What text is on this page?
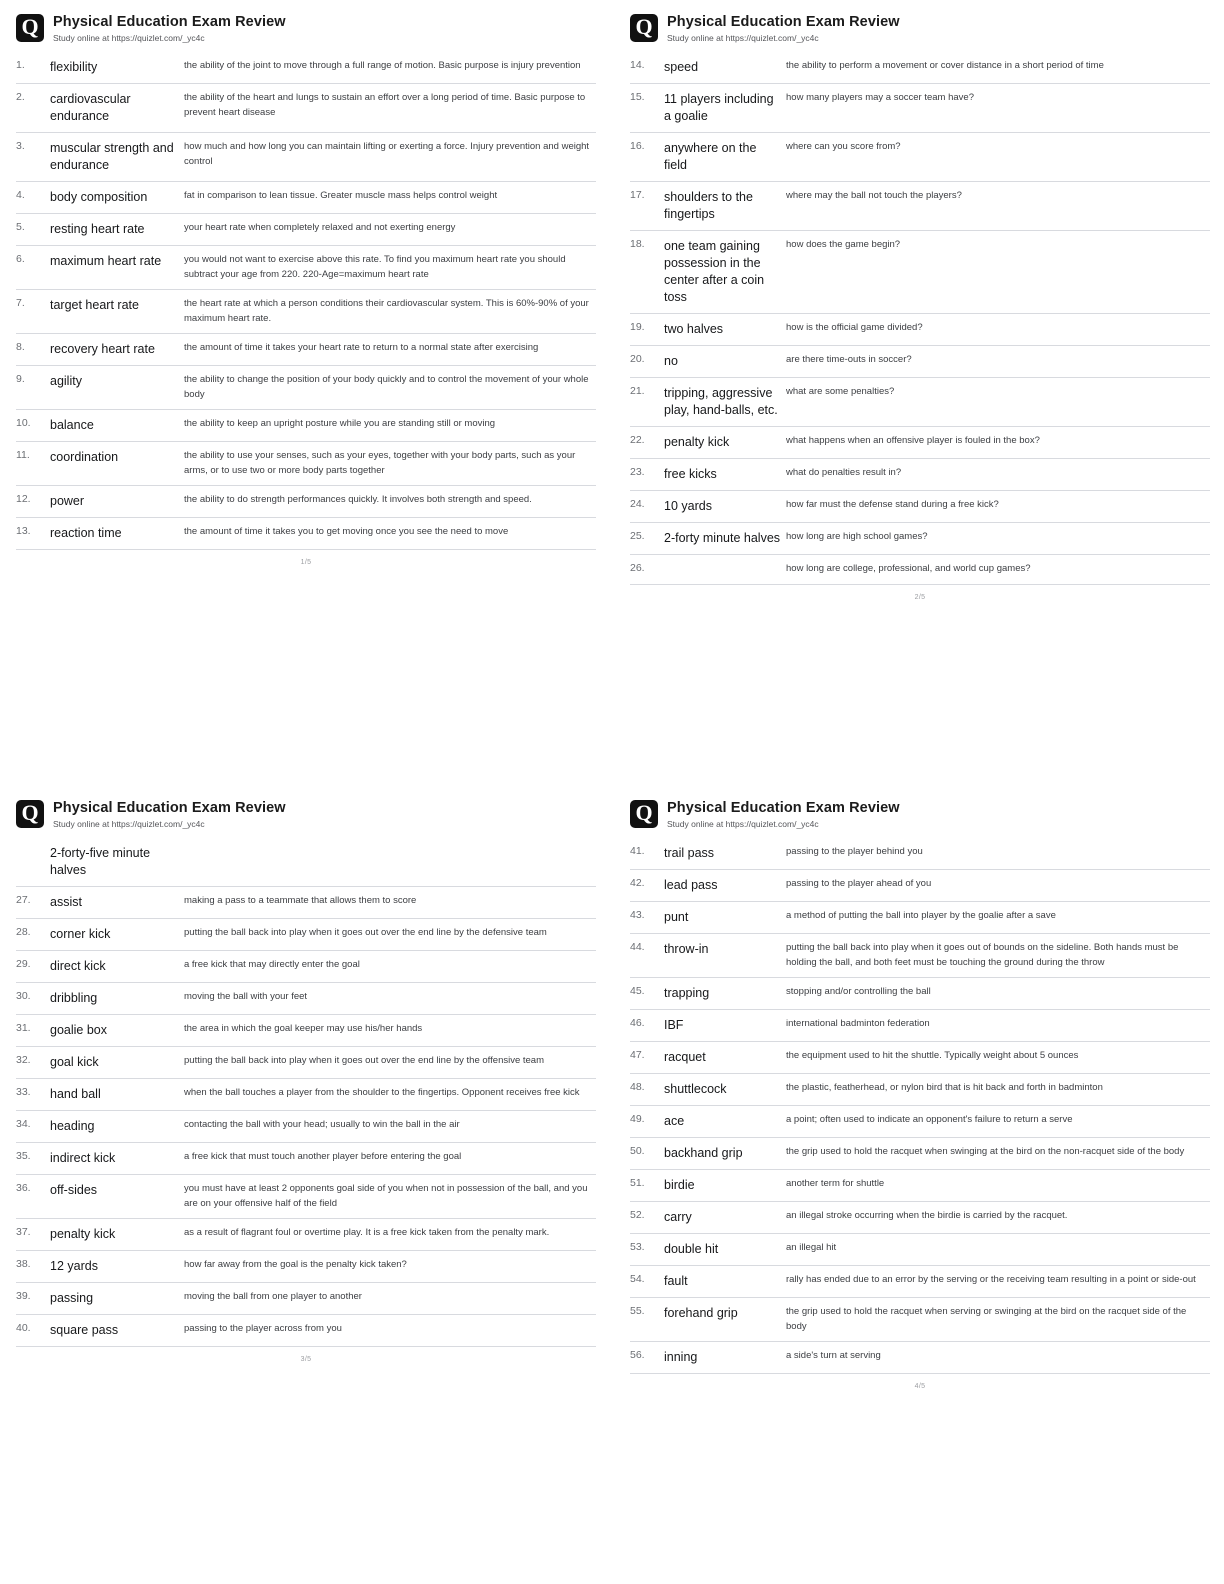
Q Physical Education Exam Review
Study online at https://quizlet.com/_yc4c
1.	flexibility	the ability of the joint to move through a full range of motion. Basic purpose is injury prevention
2.	cardiovascular endurance	the ability of the heart and lungs to sustain an effort over a long period of time. Basic purpose to prevent heart disease
3.	muscular strength and endurance	how much and how long you can maintain lifting or exerting a force. Injury prevention and weight control
4.	body composition	fat in comparison to lean tissue. Greater muscle mass helps control weight
5.	resting heart rate	your heart rate when completely relaxed and not exerting energy
6.	maximum heart rate	you would not want to exercise above this rate. To find you maximum heart rate you should subtract your age from 220. 220-Age=maximum heart rate
7.	target heart rate	the heart rate at which a person conditions their cardiovascular system. This is 60%-90% of your maximum heart rate.
8.	recovery heart rate	the amount of time it takes your heart rate to return to a normal state after exercising
9.	agility	the ability to change the position of your body quickly and to control the movement of your whole body
10.	balance	the ability to keep an upright posture while you are standing still or moving
11.	coordination	the ability to use your senses, such as your eyes, together with your body parts, such as your arms, or to use two or more body parts together
12.	power	the ability to do strength performances quickly. It involves both strength and speed.
13.	reaction time	the amount of time it takes you to get moving once you see the need to move
1/5
Q Physical Education Exam Review
Study online at https://quizlet.com/_yc4c
14.	speed	the ability to perform a movement or cover distance in a short period of time
15.	11 players including a goalie	how many players may a soccer team have?
16.	anywhere on the field	where can you score from?
17.	shoulders to the fingertips	where may the ball not touch the players?
18.	one team gaining possession in the center after a coin toss	how does the game begin?
19.	two halves	how is the official game divided?
20.	no	are there time-outs in soccer?
21.	tripping, aggressive play, hand-balls, etc.	what are some penalties?
22.	penalty kick	what happens when an offensive player is fouled in the box?
23.	free kicks	what do penalties result in?
24.	10 yards	how far must the defense stand during a free kick?
25.	2-forty minute halves	how long are high school games?
26.		how long are college, professional, and world cup games?
2/5
Q Physical Education Exam Review
Study online at https://quizlet.com/_yc4c
	2-forty-five minute halves	
27.	assist	making a pass to a teammate that allows them to score
28.	corner kick	putting the ball back into play when it goes out over the end line by the defensive team
29.	direct kick	a free kick that may directly enter the goal
30.	dribbling	moving the ball with your feet
31.	goalie box	the area in which the goal keeper may use his/her hands
32.	goal kick	putting the ball back into play when it goes out over the end line by the offensive team
33.	hand ball	when the ball touches a player from the shoulder to the fingertips. Opponent receives free kick
34.	heading	contacting the ball with your head; usually to win the ball in the air
35.	indirect kick	a free kick that must touch another player before entering the goal
36.	off-sides	you must have at least 2 opponents goal side of you when not in possession of the ball, and you are on your offensive half of the field
37.	penalty kick	as a result of flagrant foul or overtime play. It is a free kick taken from the penalty mark.
38.	12 yards	how far away from the goal is the penalty kick taken?
39.	passing	moving the ball from one player to another
40.	square pass	passing to the player across from you
3/5
Q Physical Education Exam Review
Study online at https://quizlet.com/_yc4c
41.	trail pass	passing to the player behind you
42.	lead pass	passing to the player ahead of you
43.	punt	a method of putting the ball into player by the goalie after a save
44.	throw-in	putting the ball back into play when it goes out of bounds on the sideline. Both hands must be holding the ball, and both feet must be touching the ground during the throw
45.	trapping	stopping and/or controlling the ball
46.	IBF	international badminton federation
47.	racquet	the equipment used to hit the shuttle. Typically weight about 5 ounces
48.	shuttlecock	the plastic, featherhead, or nylon bird that is hit back and forth in badminton
49.	ace	a point; often used to indicate an opponent's failure to return a serve
50.	backhand grip	the grip used to hold the racquet when swinging at the bird on the non-racquet side of the body
51.	birdie	another term for shuttle
52.	carry	an illegal stroke occurring when the birdie is carried by the racquet.
53.	double hit	an illegal hit
54.	fault	rally has ended due to an error by the serving or the receiving team resulting in a point or side-out
55.	forehand grip	the grip used to hold the racquet when serving or swinging at the bird on the racquet side of the body
56.	inning	a side's turn at serving
4/5
